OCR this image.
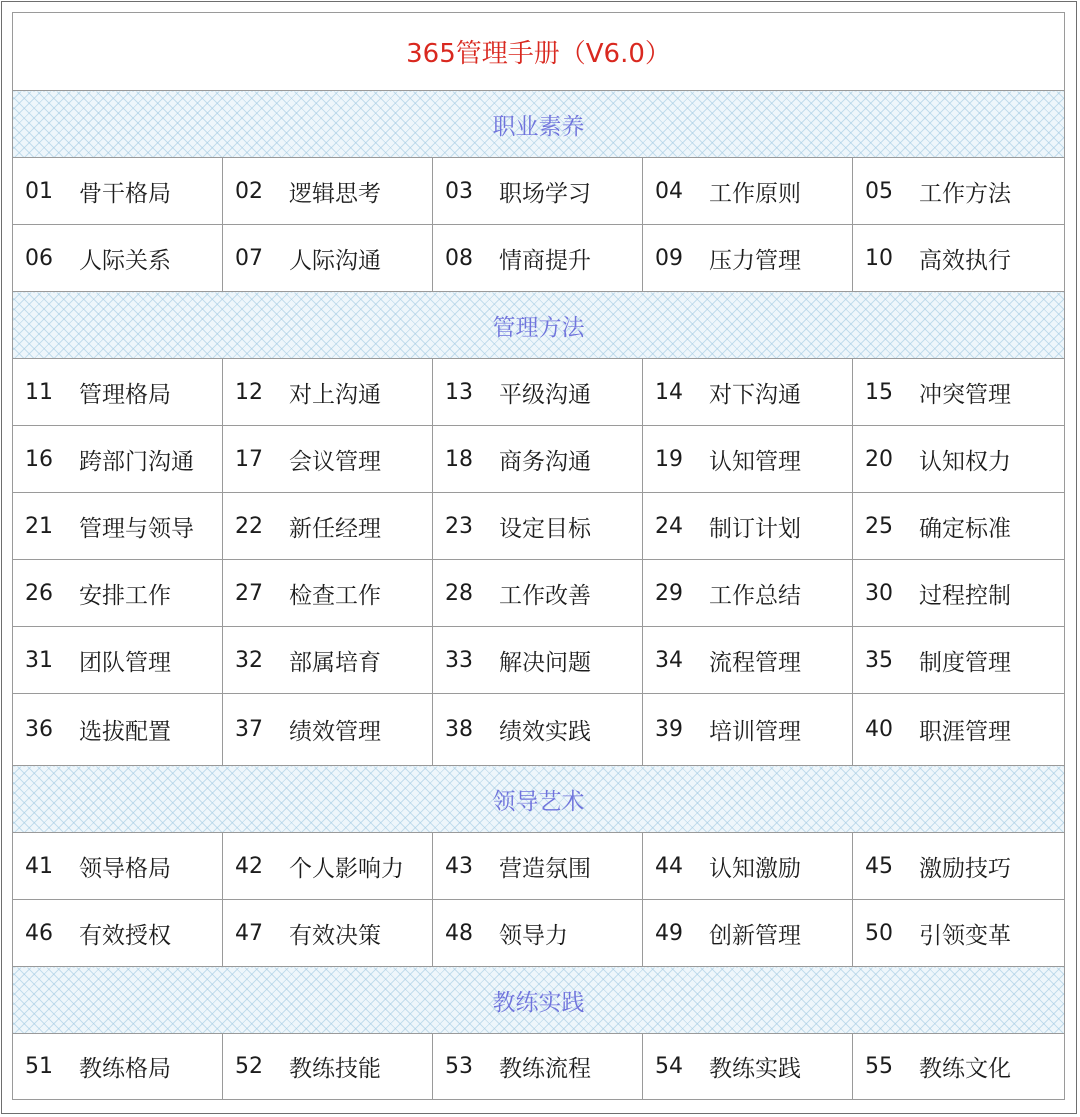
365管理手册（V6.0）				
职业素养				

01 骨干格局	02 逻辑思考	03 职场学习	04 工作原则	05 工作方法

06 人际关系	07 人际沟通	08 情商提升	09 压力管理	10 高效执行

管理方法				

11 管理格局	12 对上沟通	13 平级沟通	14 对下沟通	15 冲突管理

16 跨部门沟通	17 会议管理	18 商务沟通	19 认知管理	20 认知权力

21 管理与领导	22 新任经理	23 设定目标	24 制订计划	25 确定标准

26 安排工作	27 检查工作	28 工作改善	29 工作总结	30 过程控制

31 团队管理	32 部属培育	33 解决问题	34 流程管理	35 制度管理

36 选拔配置	37 绩效管理	38 绩效实践	39 培训管理	40 职涯管理

领导艺术				

41 领导格局	42 个人影响力	43 营造氛围	44 认知激励	45 激励技巧

46 有效授权	47 有效决策	48 领导力	49 创新管理	50 引领变革

教练实践				

51 教练格局	52 教练技能	53 教练流程	54 教练实践	55 教练文化
